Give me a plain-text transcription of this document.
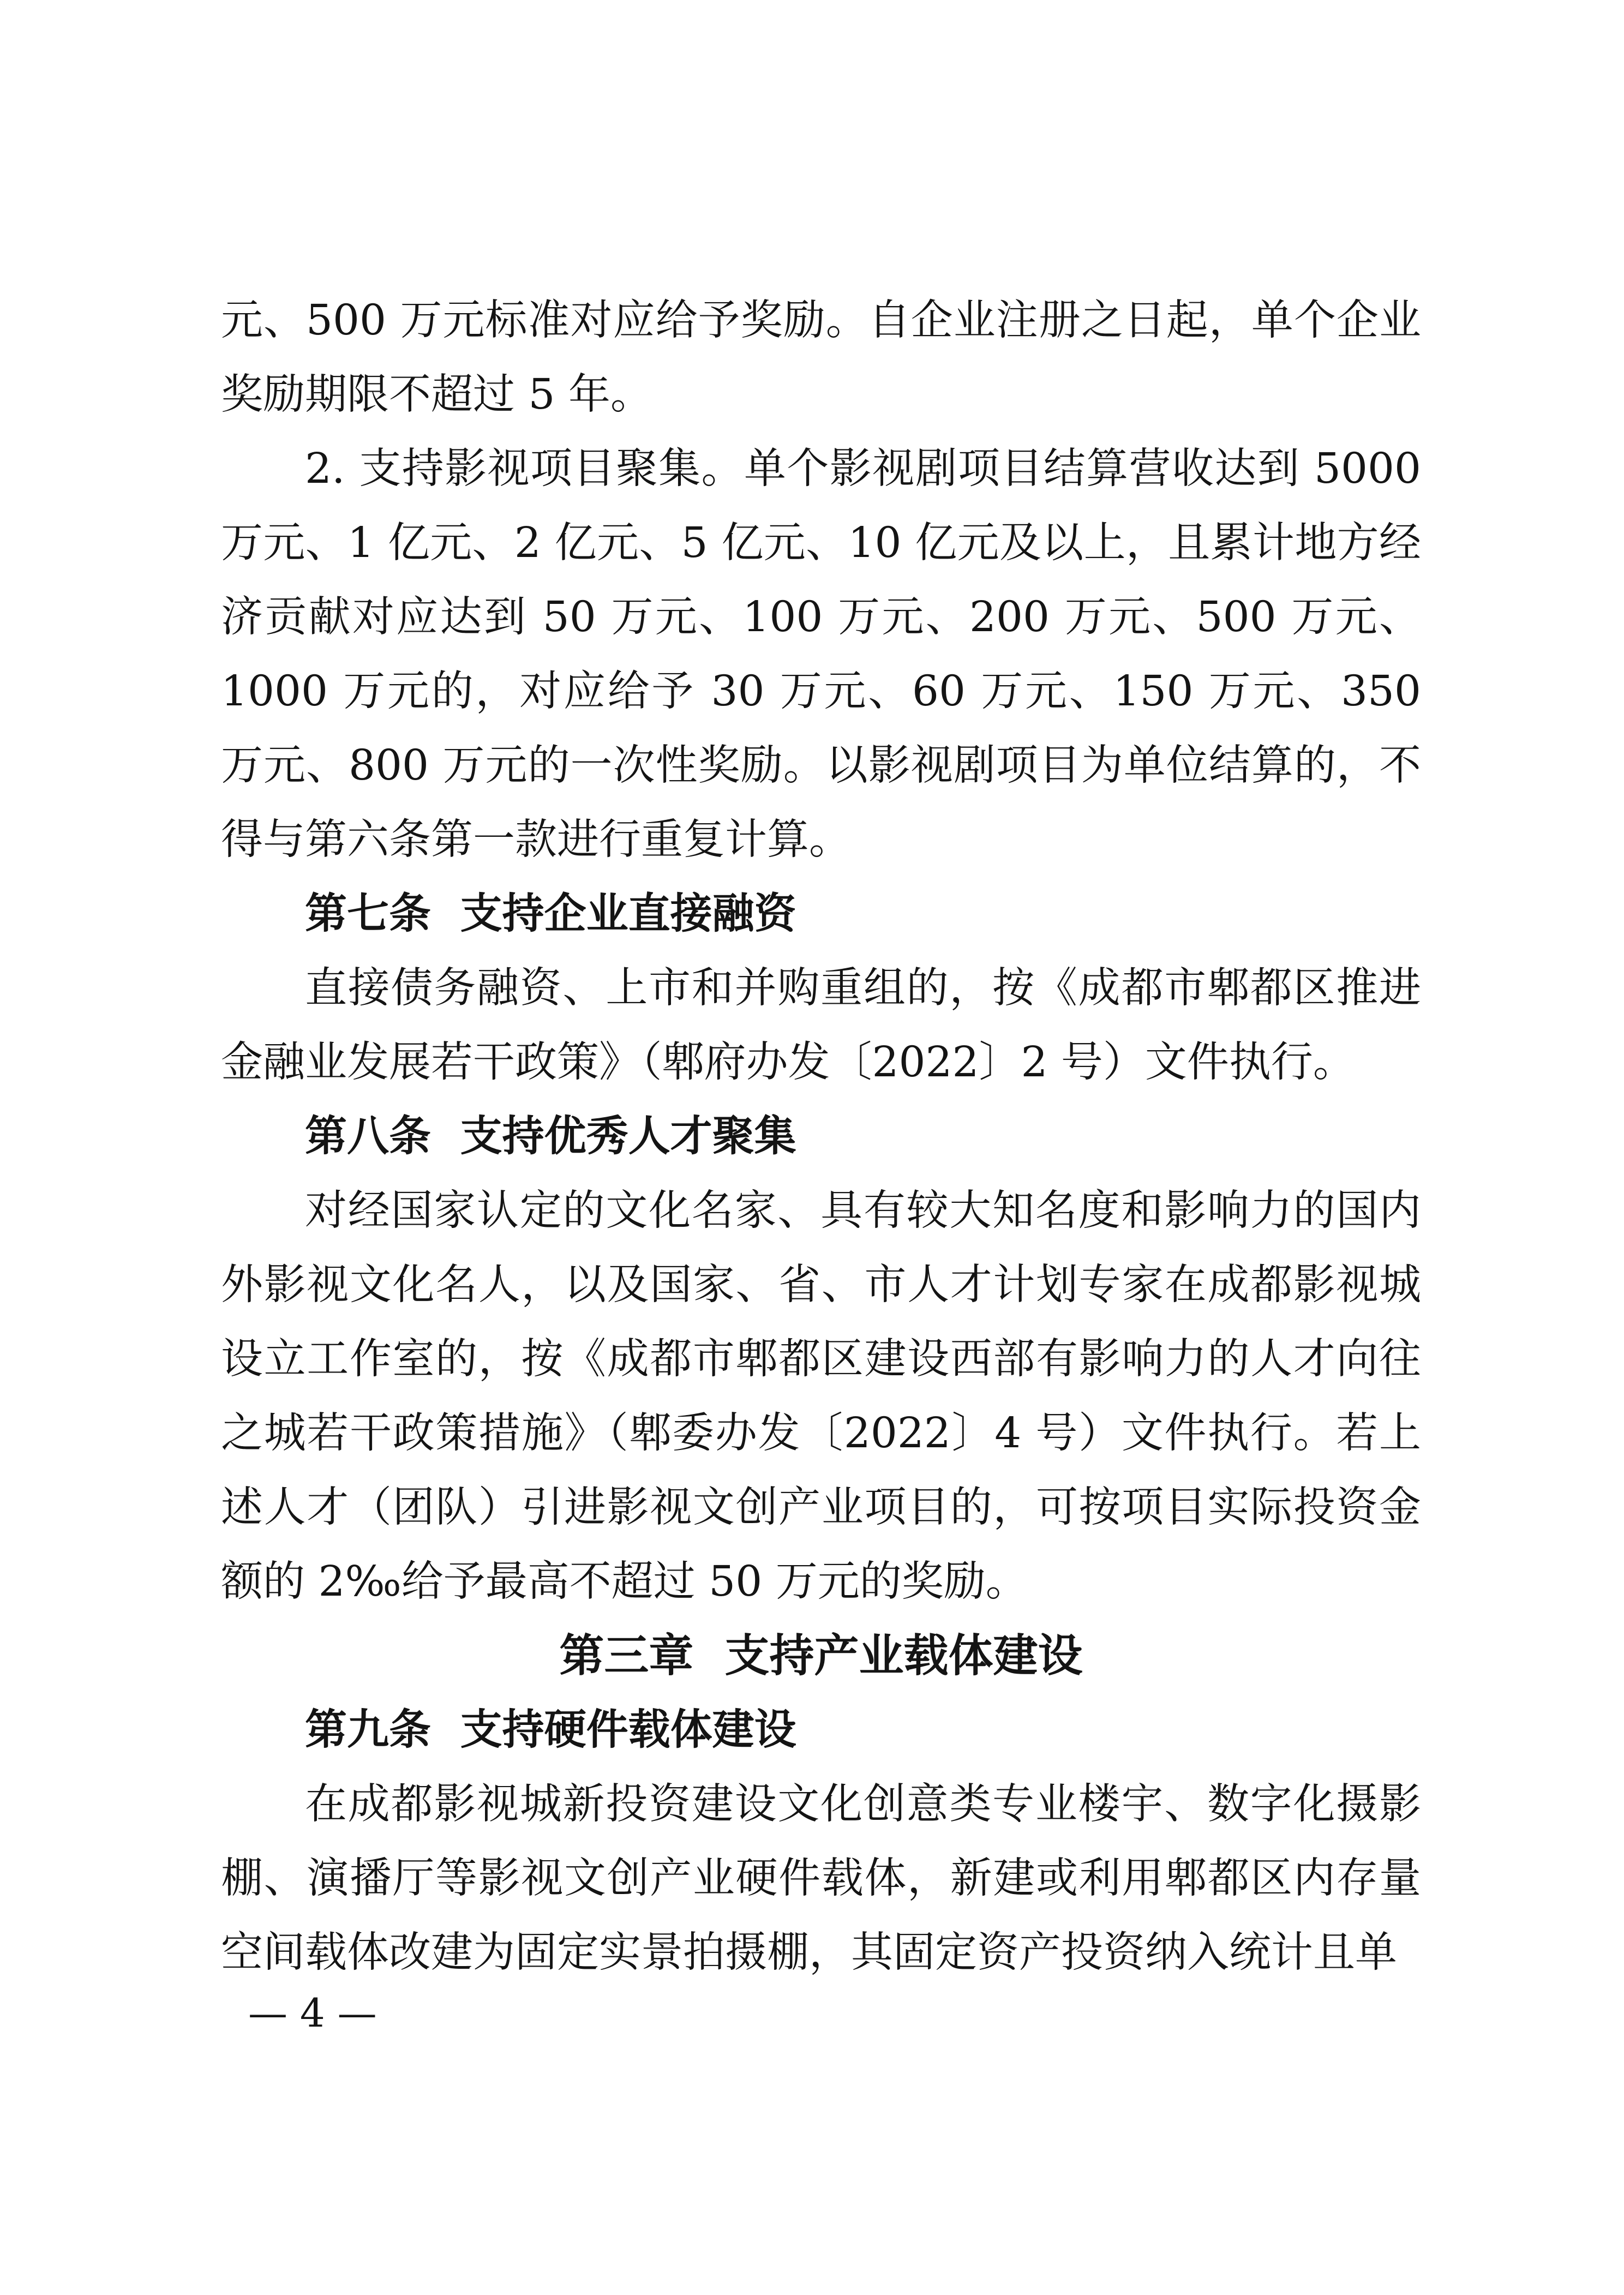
元、500 万元标准对应给予奖励。自企业注册之日起，单个企业奖励期限不超过 5 年。

2. 支持影视项目聚集。单个影视剧项目结算营收达到 5000 万元、1 亿元、2 亿元、5 亿元、10 亿元及以上，且累计地方经济贡献对应达到 50 万元、100 万元、200 万元、500 万元、1000 万元的，对应给予 30 万元、60 万元、150 万元、350 万元、800 万元的一次性奖励。以影视剧项目为单位结算的，不得与第六条第一款进行重复计算。

第七条 支持企业直接融资

直接债务融资、上市和并购重组的，按《成都市郫都区推进金融业发展若干政策》（郫府办发〔2022〕2 号）文件执行。

第八条 支持优秀人才聚集

对经国家认定的文化名家、具有较大知名度和影响力的国内外影视文化名人，以及国家、省、市人才计划专家在成都影视城设立工作室的，按《成都市郫都区建设西部有影响力的人才向往之城若干政策措施》（郫委办发〔2022〕4 号）文件执行。若上述人才（团队）引进影视文创产业项目的，可按项目实际投资金额的 2‰给予最高不超过 50 万元的奖励。

第三章 支持产业载体建设

第九条 支持硬件载体建设

在成都影视城新投资建设文化创意类专业楼宇、数字化摄影棚、演播厅等影视文创产业硬件载体，新建或利用郫都区内存量空间载体改建为固定实景拍摄棚，其固定资产投资纳入统计且单

— 4 —
